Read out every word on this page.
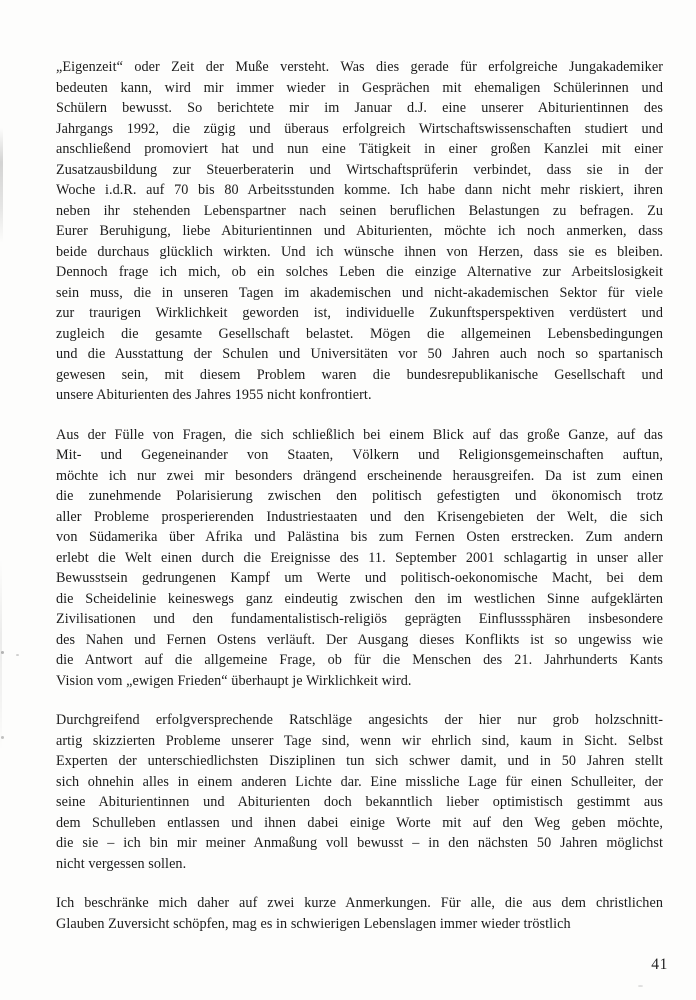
„Eigenzeit“ oder Zeit der Muße versteht. Was dies gerade für erfolgreiche Jungakademiker
bedeuten kann, wird mir immer wieder in Gesprächen mit ehemaligen Schülerinnen und
Schülern bewusst. So berichtete mir im Januar d.J. eine unserer Abiturientinnen des
Jahrgangs 1992, die zügig und überaus erfolgreich Wirtschaftswissenschaften studiert und
anschließend promoviert hat und nun eine Tätigkeit in einer großen Kanzlei mit einer
Zusatzausbildung zur Steuerberaterin und Wirtschaftsprüferin verbindet, dass sie in der
Woche i.d.R. auf 70 bis 80 Arbeitsstunden komme. Ich habe dann nicht mehr riskiert, ihren
neben ihr stehenden Lebenspartner nach seinen beruflichen Belastungen zu befragen. Zu
Eurer Beruhigung, liebe Abiturientinnen und Abiturienten, möchte ich noch anmerken, dass
beide durchaus glücklich wirkten. Und ich wünsche ihnen von Herzen, dass sie es bleiben.
Dennoch frage ich mich, ob ein solches Leben die einzige Alternative zur Arbeitslosigkeit
sein muss, die in unseren Tagen im akademischen und nicht-akademischen Sektor für viele
zur traurigen Wirklichkeit geworden ist, individuelle Zukunftsperspektiven verdüstert und
zugleich die gesamte Gesellschaft belastet. Mögen die allgemeinen Lebensbedingungen
und die Ausstattung der Schulen und Universitäten vor 50 Jahren auch noch so spartanisch
gewesen sein, mit diesem Problem waren die bundesrepublikanische Gesellschaft und
unsere Abiturienten des Jahres 1955 nicht konfrontiert.

Aus der Fülle von Fragen, die sich schließlich bei einem Blick auf das große Ganze, auf das
Mit- und Gegeneinander von Staaten, Völkern und Religionsgemeinschaften auftun,
möchte ich nur zwei mir besonders drängend erscheinende herausgreifen. Da ist zum einen
die zunehmende Polarisierung zwischen den politisch gefestigten und ökonomisch trotz
aller Probleme prosperierenden Industriestaaten und den Krisengebieten der Welt, die sich
von Südamerika über Afrika und Palästina bis zum Fernen Osten erstrecken. Zum andern
erlebt die Welt einen durch die Ereignisse des 11. September 2001 schlagartig in unser aller
Bewusstsein gedrungenen Kampf um Werte und politisch-oekonomische Macht, bei dem
die Scheidelinie keineswegs ganz eindeutig zwischen den im westlichen Sinne aufgeklärten
Zivilisationen und den fundamentalistisch-religiös geprägten Einflusssphären insbesondere
des Nahen und Fernen Ostens verläuft. Der Ausgang dieses Konflikts ist so ungewiss wie
die Antwort auf die allgemeine Frage, ob für die Menschen des 21. Jahrhunderts Kants
Vision vom „ewigen Frieden“ überhaupt je Wirklichkeit wird.

Durchgreifend erfolgversprechende Ratschläge angesichts der hier nur grob holzschnitt-
artig skizzierten Probleme unserer Tage sind, wenn wir ehrlich sind, kaum in Sicht. Selbst
Experten der unterschiedlichsten Disziplinen tun sich schwer damit, und in 50 Jahren stellt
sich ohnehin alles in einem anderen Lichte dar. Eine missliche Lage für einen Schulleiter, der
seine Abiturientinnen und Abiturienten doch bekanntlich lieber optimistisch gestimmt aus
dem Schulleben entlassen und ihnen dabei einige Worte mit auf den Weg geben möchte,
die sie – ich bin mir meiner Anmaßung voll bewusst – in den nächsten 50 Jahren möglichst
nicht vergessen sollen.

Ich beschränke mich daher auf zwei kurze Anmerkungen. Für alle, die aus dem christlichen
Glauben Zuversicht schöpfen, mag es in schwierigen Lebenslagen immer wieder tröstlich

41
